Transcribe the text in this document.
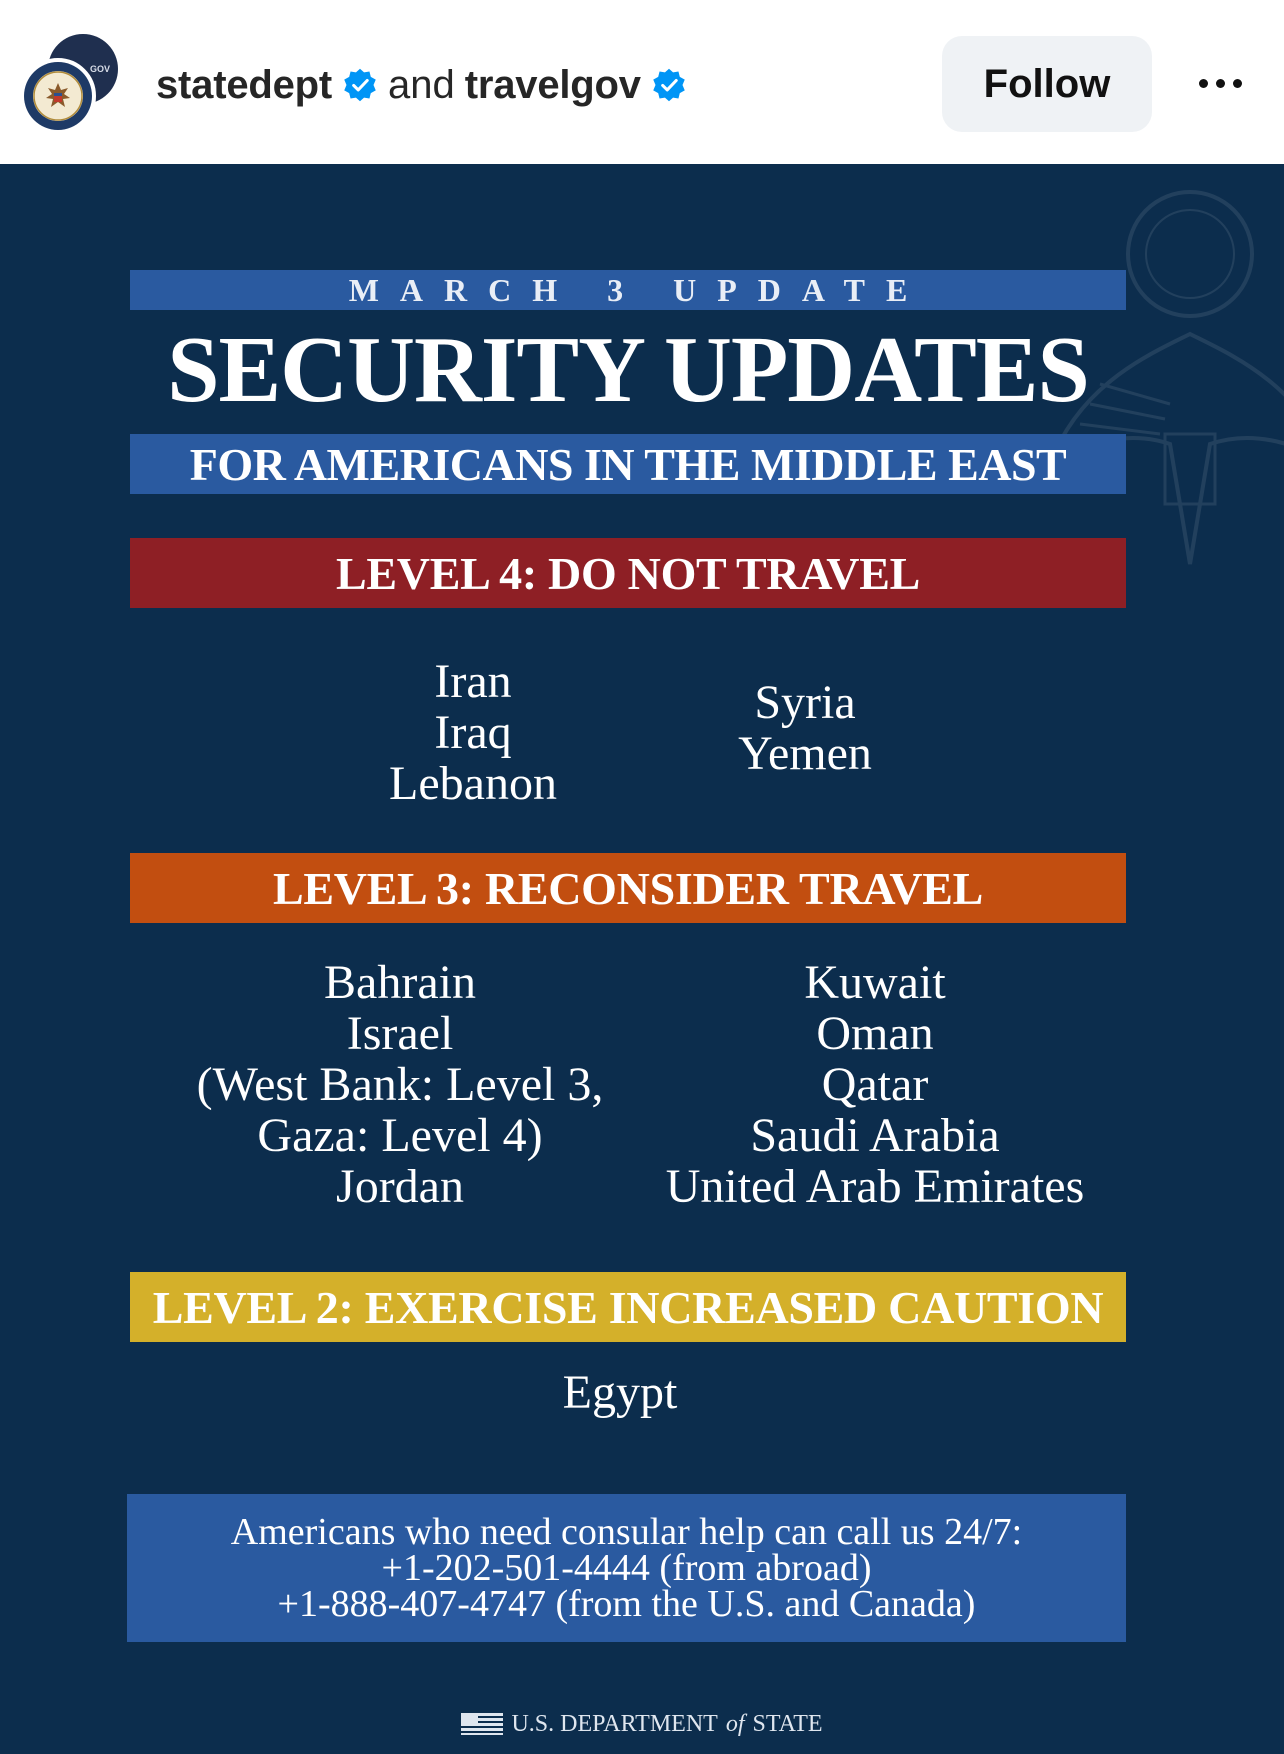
GOV statedept and travelgov	Follow
MARCH 3 UPDATE
SECURITY UPDATES
FOR AMERICANS IN THE MIDDLE EAST
LEVEL 4: DO NOT TRAVEL
Iran
Iraq
Lebanon
Syria
Yemen
LEVEL 3: RECONSIDER TRAVEL
Bahrain
Israel
(West Bank: Level 3,
Gaza: Level 4)
Jordan
Kuwait
Oman
Qatar
Saudi Arabia
United Arab Emirates
LEVEL 2: EXERCISE INCREASED CAUTION
Egypt
Americans who need consular help can call us 24/7:
+1-202-501-4444 (from abroad)
+1-888-407-4747 (from the U.S. and Canada)
U.S. DEPARTMENT of STATE
